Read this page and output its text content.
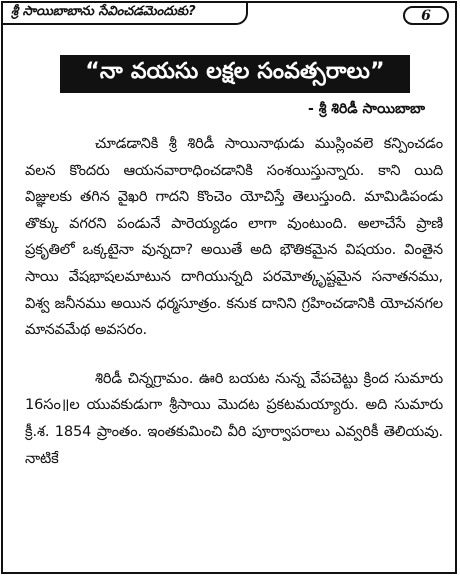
శ్రీ సాయిబాబాను సేవించడమెందుకు?	6
“నా వయసు లక్షల సంవత్సరాలు”
- శ్రీ శిరిడీ సాయిబాబా

చూడడానికి శ్రీ శిరిడీ సాయినాథుడు ముస్లింవలె కన్పించడం వలన కొందరు ఆయనవారాధించడానికి సంశయిస్తున్నారు. కాని యిది విజ్ఞులకు తగిన వైఖరి గాదని కొంచెం యోచిస్తే తెలుస్తుంది. మామిడిపండు తొక్కు వగరని పండునే పారెయ్యడం లాగా వుంటుంది. అలాచేసే ప్రాణి ప్రకృతిలో ఒక్కటైనా వున్నదా? అయితే అది భౌతికమైన విషయం. వింతైన సాయి వేషభాషలమాటున దాగియున్నది పరమోత్కృష్టమైన సనాతనము, విశ్వ జనీనము అయిన ధర్మసూత్రం. కనుక దానిని గ్రహించడానికి యోచనగల మానవమేథ అవసరం.

శిరిడీ చిన్నగ్రామం. ఊరి బయట నున్న వేపచెట్టు క్రింద సుమారు 16సం॥ల యువకుడుగా శ్రీసాయి మొదట ప్రకటమయ్యారు. అది సుమారు క్రీ.శ. 1854 ప్రాంతం. ఇంతకుమించి వీరి పూర్వాపరాలు ఎవ్వరికీ తెలియవు. నాటికే
